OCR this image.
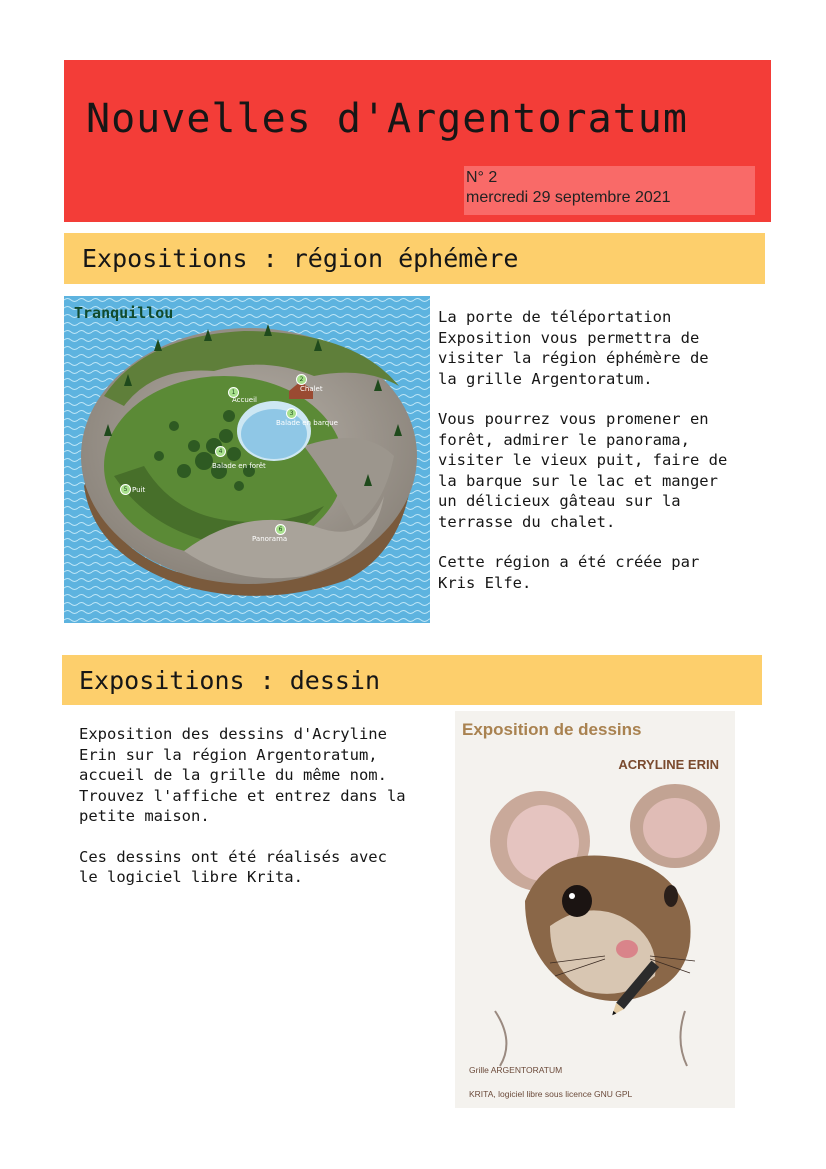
Nouvelles d'Argentoratum
N° 2
mercredi 29 septembre 2021
Expositions : région éphémère
Tranquillou
1
Accueil
2
Chalet
3
Balade en barque
4
Balade en forêt
5 Puit
6
Panorama

La porte de téléportation
Exposition vous permettra de
visiter la région éphémère de
la grille Argentoratum.

Vous pourrez vous promener en
forêt, admirer le panorama,
visiter le vieux puit, faire de
la barque sur le lac et manger
un délicieux gâteau sur la
terrasse du chalet.

Cette région a été créée par
Kris Elfe.

Expositions : dessin

Exposition des dessins d'Acryline
Erin sur la région Argentoratum,
accueil de la grille du même nom.
Trouvez l'affiche et entrez dans la
petite maison.

Ces dessins ont été réalisés avec
le logiciel libre Krita.

Exposition de dessins
ACRYLINE ERIN
Grille ARGENTORATUM
KRITA, logiciel libre sous licence GNU GPL
